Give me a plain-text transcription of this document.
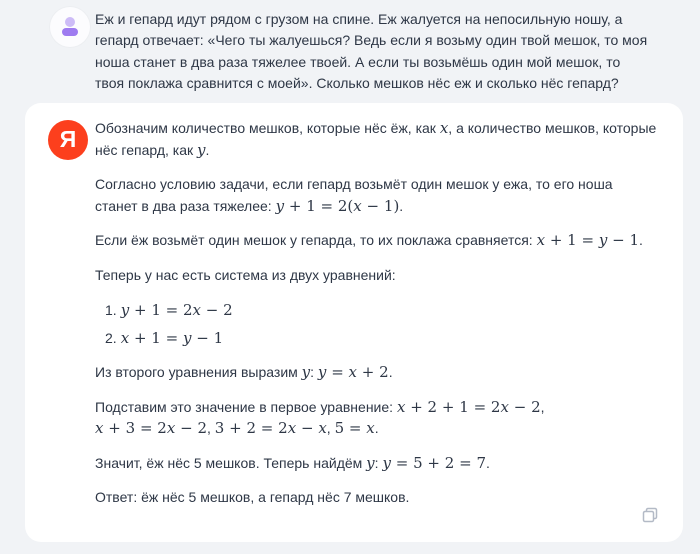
Еж и гепард идут рядом с грузом на спине. Еж жалуется на непосильную ношу, а гепард отвечает: «Чего ты жалуешься? Ведь если я возьму один твой мешок, то моя ноша станет в два раза тяжелее твоей. А если ты возьмёшь один мой мешок, то твоя поклажа сравнится с моей». Сколько мешков нёс еж и сколько нёс гепард?
Я Обозначим количество мешков, которые нёс ёж, как x, а количество мешков, которые нёс гепард, как y.

Согласно условию задачи, если гепард возьмёт один мешок у ежа, то его ноша станет в два раза тяжелее: y + 1 = 2(x − 1).

Если ёж возьмёт один мешок у гепарда, то их поклажа сравняется: x + 1 = y − 1.

Теперь у нас есть система из двух уравнений:

1. y + 1 = 2x − 2
2. x + 1 = y − 1

Из второго уравнения выразим y: y = x + 2.

Подставим это значение в первое уравнение: x + 2 + 1 = 2x − 2, x + 3 = 2x − 2, 3 + 2 = 2x − x, 5 = x.

Значит, ёж нёс 5 мешков. Теперь найдём y: y = 5 + 2 = 7.

Ответ: ёж нёс 5 мешков, а гепард нёс 7 мешков.
